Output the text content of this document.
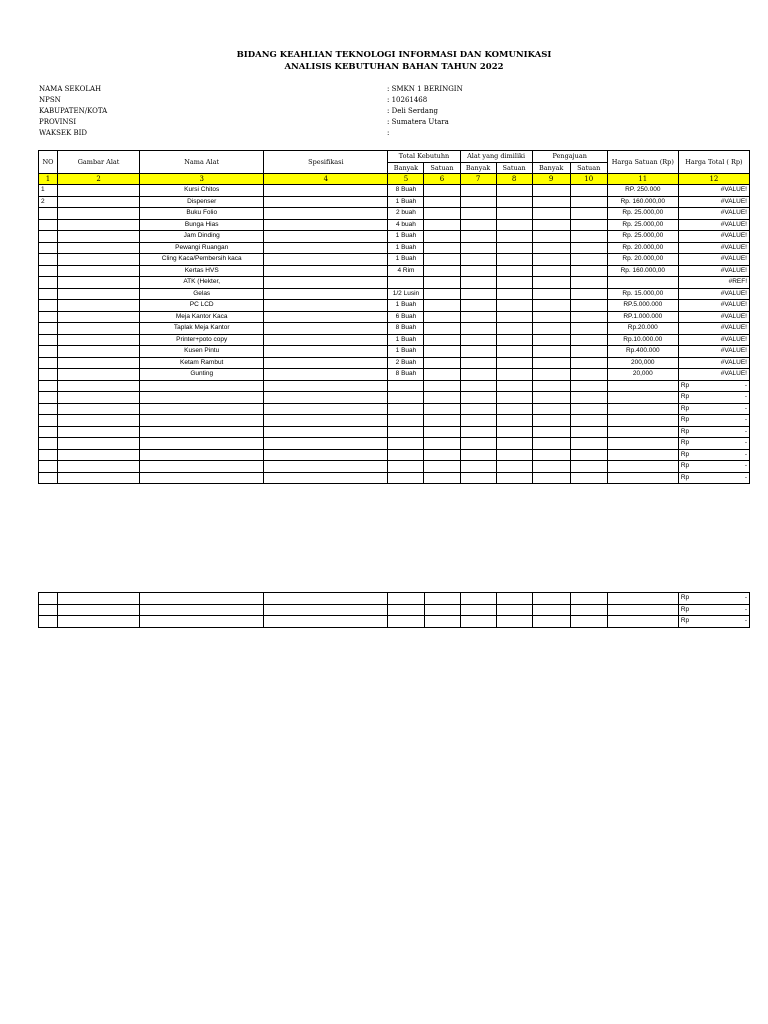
BIDANG KEAHLIAN TEKNOLOGI INFORMASI DAN KOMUNIKASI
ANALISIS KEBUTUHAN BAHAN TAHUN 2022
NAMA SEKOLAH	: SMKN 1 BERINGIN
NPSN	: 10261468
KABUPATEN/KOTA	: Deli Serdang
PROVINSI	: Sumatera Utara
WAKSEK BID	:
NO	Gambar Alat	Nama Alat	Spesifikasi	Total Kebutuhn		Alat yang dimiliki		Pengajuan		Harga Satuan (Rp)	Harga Total ( Rp)
				Banyak	Satuan	Banyak	Satuan	Banyak	Satuan		
1	2	3	4	5	6	7	8	9	10	11	12
1		Kursi Chitos		8 Buah						RP. 250.000	#VALUE!
2		Dispenser		1 Buah						Rp. 160.000,00	#VALUE!
		Buku Folio		2 buah						Rp. 25.000,00	#VALUE!
		Bunga Hias		4 buah						Rp. 25.000,00	#VALUE!
		Jam Dinding		1 Buah						Rp. 25.000,00	#VALUE!
		Pewangi Ruangan		1 Buah						Rp. 20.000,00	#VALUE!
		Cling Kaca/Pembersih kaca		1 Buah						Rp. 20.000,00	#VALUE!
		Kertas HVS		4 Rim						Rp. 160.000,00	#VALUE!
		ATK (Hekter,									#REF!
		Gelas		1/2 Lusin						Rp. 15.000,00	#VALUE!
		PC LCD		1 Buah						RP.5.000.000	#VALUE!
		Meja Kantor Kaca		6 Buah						RP.1.000.000	#VALUE!
		Taplak Meja Kantor		8 Buah						Rp.20.000	#VALUE!
		Printer+poto copy		1 Buah						Rp.10.000.00	#VALUE!
		Kusen Pintu		1 Buah						Rp.400.000	#VALUE!
		Ketam Rambut		2 Buah						200,000	#VALUE!
		Gunting		8 Buah						20,000	#VALUE!

											Rp -

											Rp -

											Rp -

											Rp -

											Rp -

											Rp -

											Rp -

											Rp -

											Rp -

											Rp -

											Rp -

											Rp -
